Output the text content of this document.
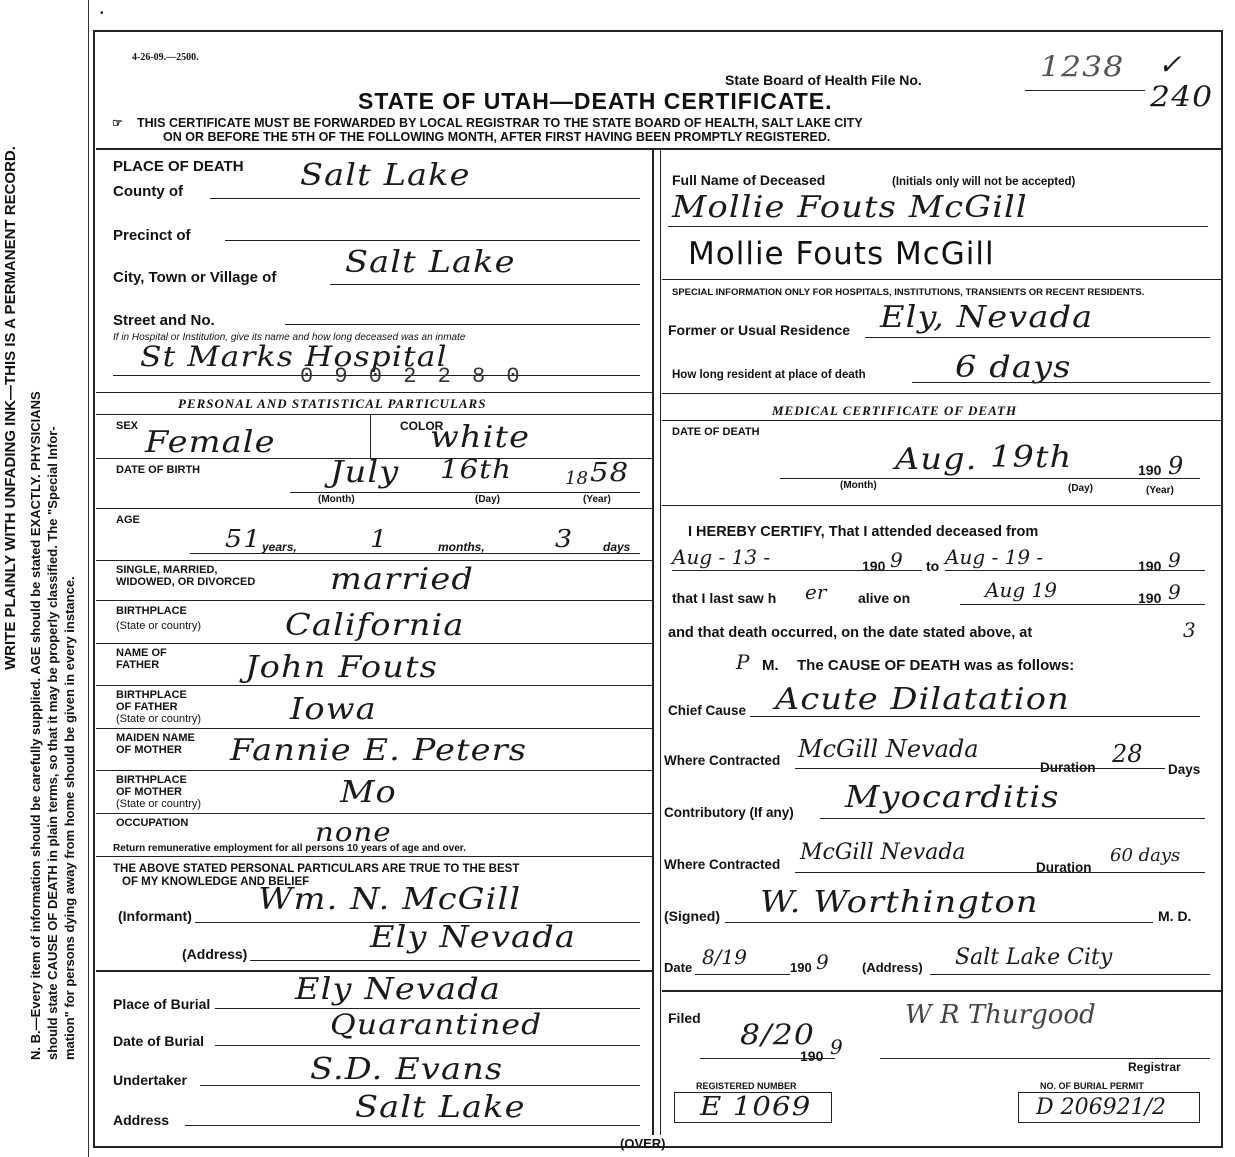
•
N. B.—Every item of information should be carefully supplied. AGE should be stated EXACTLY. PHYSICIANS should state CAUSE OF DEATH in plain terms, so that it may be properly classified. The "Special Infor- mation" for persons dying away from home should be given in every instance.
WRITE PLAINLY WITH UNFADING INK—THIS IS A PERMANENT RECORD.
4-26-09.—2500.
State Board of Health File No.	1238 ✓
240
STATE OF UTAH—DEATH CERTIFICATE.
☞ THIS CERTIFICATE MUST BE FORWARDED BY LOCAL REGISTRAR TO THE STATE BOARD OF HEALTH, SALT LAKE CITY
ON OR BEFORE THE 5TH OF THE FOLLOWING MONTH, AFTER FIRST HAVING BEEN PROMPTLY REGISTERED.
PLACE OF DEATH
County of	Salt Lake
Precinct of
City, Town or Village of Salt Lake
Street and No.
If in Hospital or Institution, give its name and how long deceased was an inmate
St Marks Hospital
0 9 0 2 2 8 0
PERSONAL AND STATISTICAL PARTICULARS
SEX Female	COLOR
white
DATE OF BIRTH	July 16th	18 58
(Month)	(Day)	(Year)
AGE
51 years,	1	months,	3 days
SINGLE, MARRIED,
WIDOWED, OR DIVORCED married
BIRTHPLACE
(State or country)	California
NAME OF
FATHER	John Fouts
BIRTHPLACE
OF FATHER
(State or country)	Iowa
MAIDEN NAME
OF MOTHER Fannie E. Peters
BIRTHPLACE
OF MOTHER
(State or country)	Mo
OCCUPATION	none
Return remunerative employment for all persons 10 years of age and over.
THE ABOVE STATED PERSONAL PARTICULARS ARE TRUE TO THE BEST
OF MY KNOWLEDGE AND BELIEF
(Informant) Wm. N. McGill
(Address)	Ely Nevada
Place of Burial	Ely Nevada
Date of Burial	Quarantined
Undertaker	S.D. Evans
Address	Salt Lake
Full Name of Deceased	(Initials only will not be accepted)
Mollie Fouts McGill
Mollie Fouts McGill
SPECIAL INFORMATION ONLY FOR HOSPITALS, INSTITUTIONS, TRANSIENTS OR RECENT RESIDENTS.
Former or Usual Residence Ely, Nevada
How long resident at place of death	6 days
MEDICAL CERTIFICATE OF DEATH
DATE OF DEATH
Aug. 19th	190 9
(Month)	(Day)	(Year)
I HEREBY CERTIFY, That I attended deceased from
Aug - 13 -	190 9 to Aug - 19 -	190 9
that I last saw h er alive on	Aug 19	190 9
and that death occurred, on the date stated above, at	3
P M. The CAUSE OF DEATH was as follows:
Chief Cause Acute Dilatation
Where Contracted McGill Nevada
Duration 28
Days
Contributory (If any) Myocarditis
Where Contracted McGill Nevada
Duration
60 days
(Signed) W. Worthington	M. D.
Date 8/19	190 9	(Address) Salt Lake City
Filed 8/20
190 9
W R Thurgood
Registrar
REGISTERED NUMBER
E 1069
NO. OF BURIAL PERMIT
D 206921/2
(OVER)
